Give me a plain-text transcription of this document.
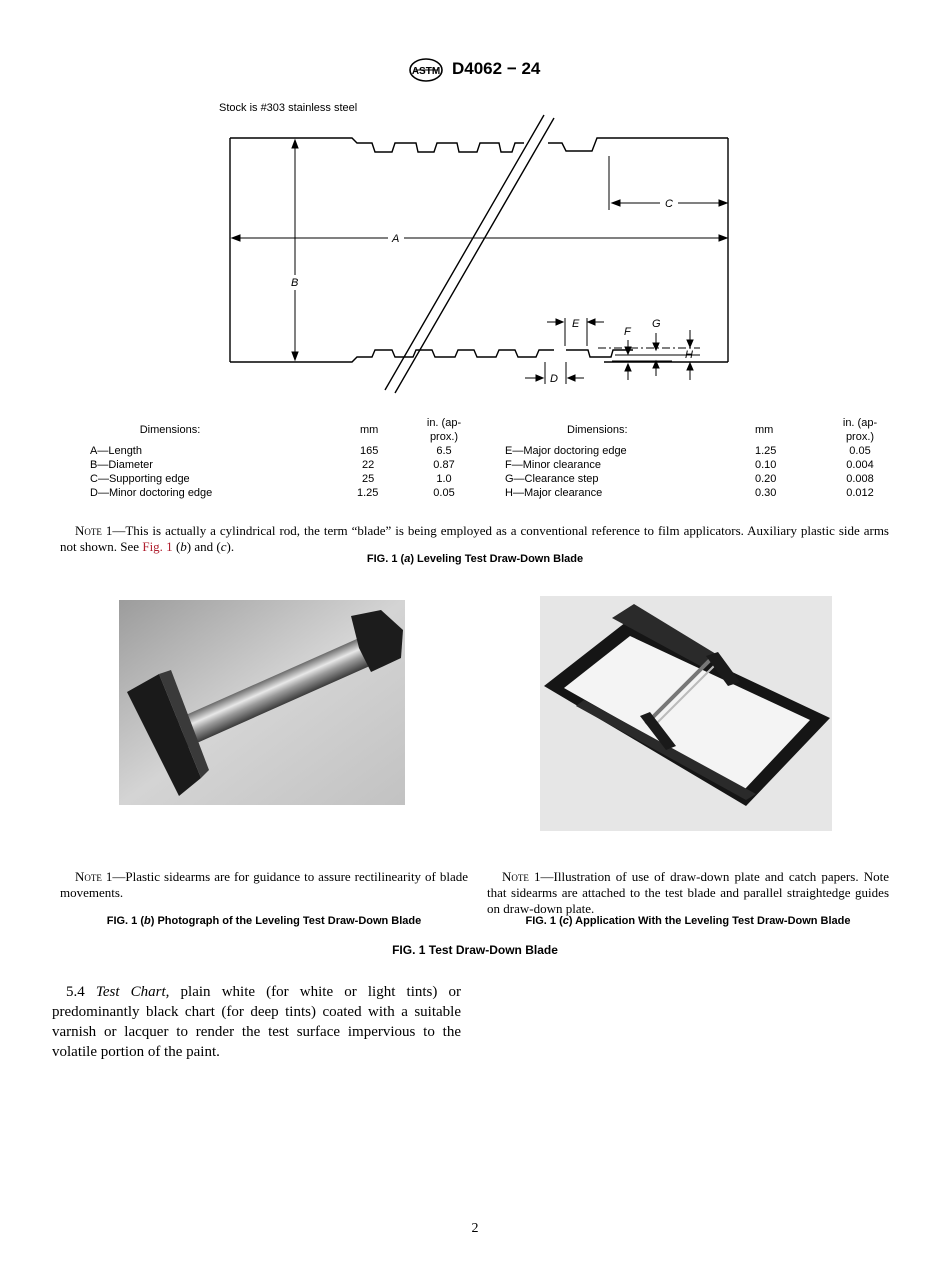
ASTM D4062 − 24
Stock is #303 stainless steel
A
B
C
D
E
F
G
H
Dimensions:	mm	in. (ap-
prox.)

A—Length	165	6.5
B—Diameter	22	0.87
C—Supporting edge	25	1.0
D—Minor doctoring edge	1.25	0.05
Dimensions:	mm	in. (ap-
prox.)

E—Major doctoring edge	1.25	0.05
F—Minor clearance	0.10	0.004
G—Clearance step	0.20	0.008
H—Major clearance	0.30	0.012
Note 1—This is actually a cylindrical rod, the term “blade” is being employed as a conventional reference to film applicators. Auxiliary plastic side arms not shown. See Fig. 1 (b) and (c).
FIG. 1 (a) Leveling Test Draw-Down Blade
Note 1—Plastic sidearms are for guidance to assure rectilinearity of blade movements.
Note 1—Illustration of use of draw-down plate and catch papers. Note that sidearms are attached to the test blade and parallel straightedge guides on draw-down plate.
FIG. 1 (b) Photograph of the Leveling Test Draw-Down Blade	FIG. 1 (c) Application With the Leveling Test Draw-Down Blade
FIG. 1 Test Draw-Down Blade
5.4 Test Chart, plain white (for white or light tints) or predominantly black chart (for deep tints) coated with a suitable varnish or lacquer to render the test surface impervious to the volatile portion of the paint.
2
